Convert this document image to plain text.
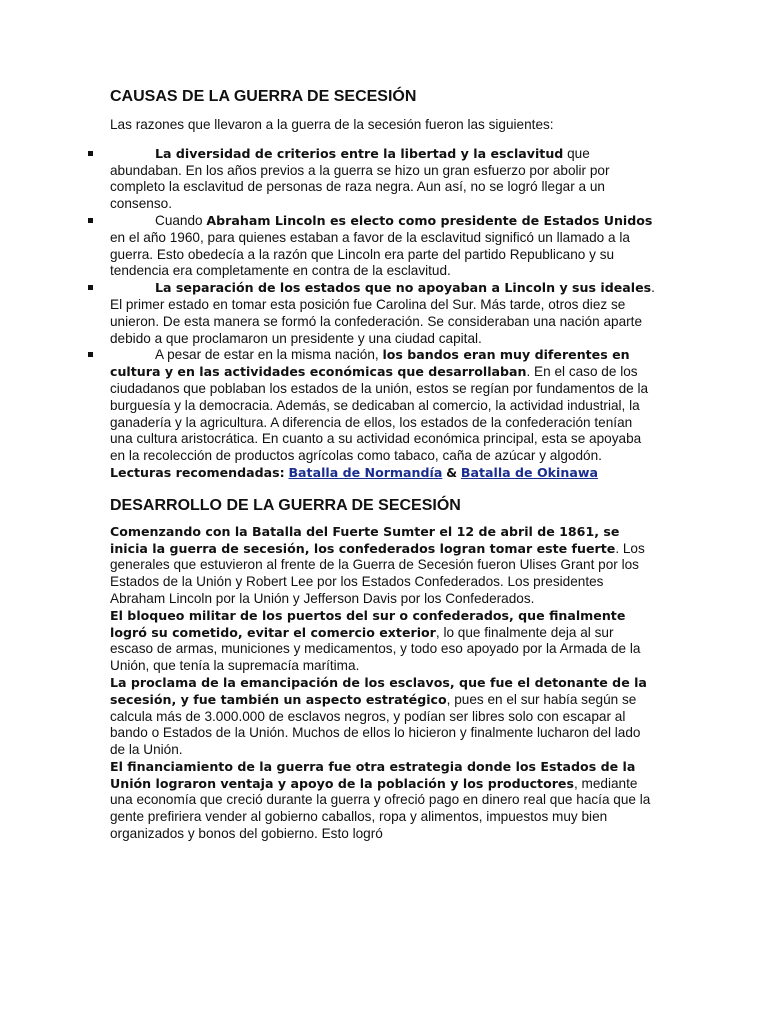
CAUSAS DE LA GUERRA DE SECESIÓN

Las razones que llevaron a la guerra de la secesión fueron las siguientes:

La diversidad de criterios entre la libertad y la esclavitud que abundaban. En los años previos a la guerra se hizo un gran esfuerzo por abolir por completo la esclavitud de personas de raza negra. Aun así, no se logró llegar a un consenso.
Cuando Abraham Lincoln es electo como presidente de Estados Unidos en el año 1960, para quienes estaban a favor de la esclavitud significó un llamado a la guerra. Esto obedecía a la razón que Lincoln era parte del partido Republicano y su tendencia era completamente en contra de la esclavitud.
La separación de los estados que no apoyaban a Lincoln y sus ideales. El primer estado en tomar esta posición fue Carolina del Sur. Más tarde, otros diez se unieron. De esta manera se formó la confederación. Se consideraban una nación aparte debido a que proclamaron un presidente y una ciudad capital.
A pesar de estar en la misma nación, los bandos eran muy diferentes en cultura y en las actividades económicas que desarrollaban. En el caso de los ciudadanos que poblaban los estados de la unión, estos se regían por fundamentos de la burguesía y la democracia. Además, se dedicaban al comercio, la actividad industrial, la ganadería y la agricultura. A diferencia de ellos, los estados de la confederación tenían una cultura aristocrática. En cuanto a su actividad económica principal, esta se apoyaba en la recolección de productos agrícolas como tabaco, caña de azúcar y algodón.

Lecturas recomendadas: Batalla de Normandía & Batalla de Okinawa

DESARROLLO DE LA GUERRA DE SECESIÓN

Comenzando con la Batalla del Fuerte Sumter el 12 de abril de 1861, se inicia la guerra de secesión, los confederados logran tomar este fuerte. Los generales que estuvieron al frente de la Guerra de Secesión fueron Ulises Grant por los Estados de la Unión y Robert Lee por los Estados Confederados. Los presidentes Abraham Lincoln por la Unión y Jefferson Davis por los Confederados.

El bloqueo militar de los puertos del sur o confederados, que finalmente logró su cometido, evitar el comercio exterior, lo que finalmente deja al sur escaso de armas, municiones y medicamentos, y todo eso apoyado por la Armada de la Unión, que tenía la supremacía marítima.

La proclama de la emancipación de los esclavos, que fue el detonante de la secesión, y fue también un aspecto estratégico, pues en el sur había según se calcula más de 3.000.000 de esclavos negros, y podían ser libres solo con escapar al bando o Estados de la Unión. Muchos de ellos lo hicieron y finalmente lucharon del lado de la Unión.

El financiamiento de la guerra fue otra estrategia donde los Estados de la Unión lograron ventaja y apoyo de la población y los productores, mediante una economía que creció durante la guerra y ofreció pago en dinero real que hacía que la gente prefiriera vender al gobierno caballos, ropa y alimentos, impuestos muy bien organizados y bonos del gobierno. Esto logró
